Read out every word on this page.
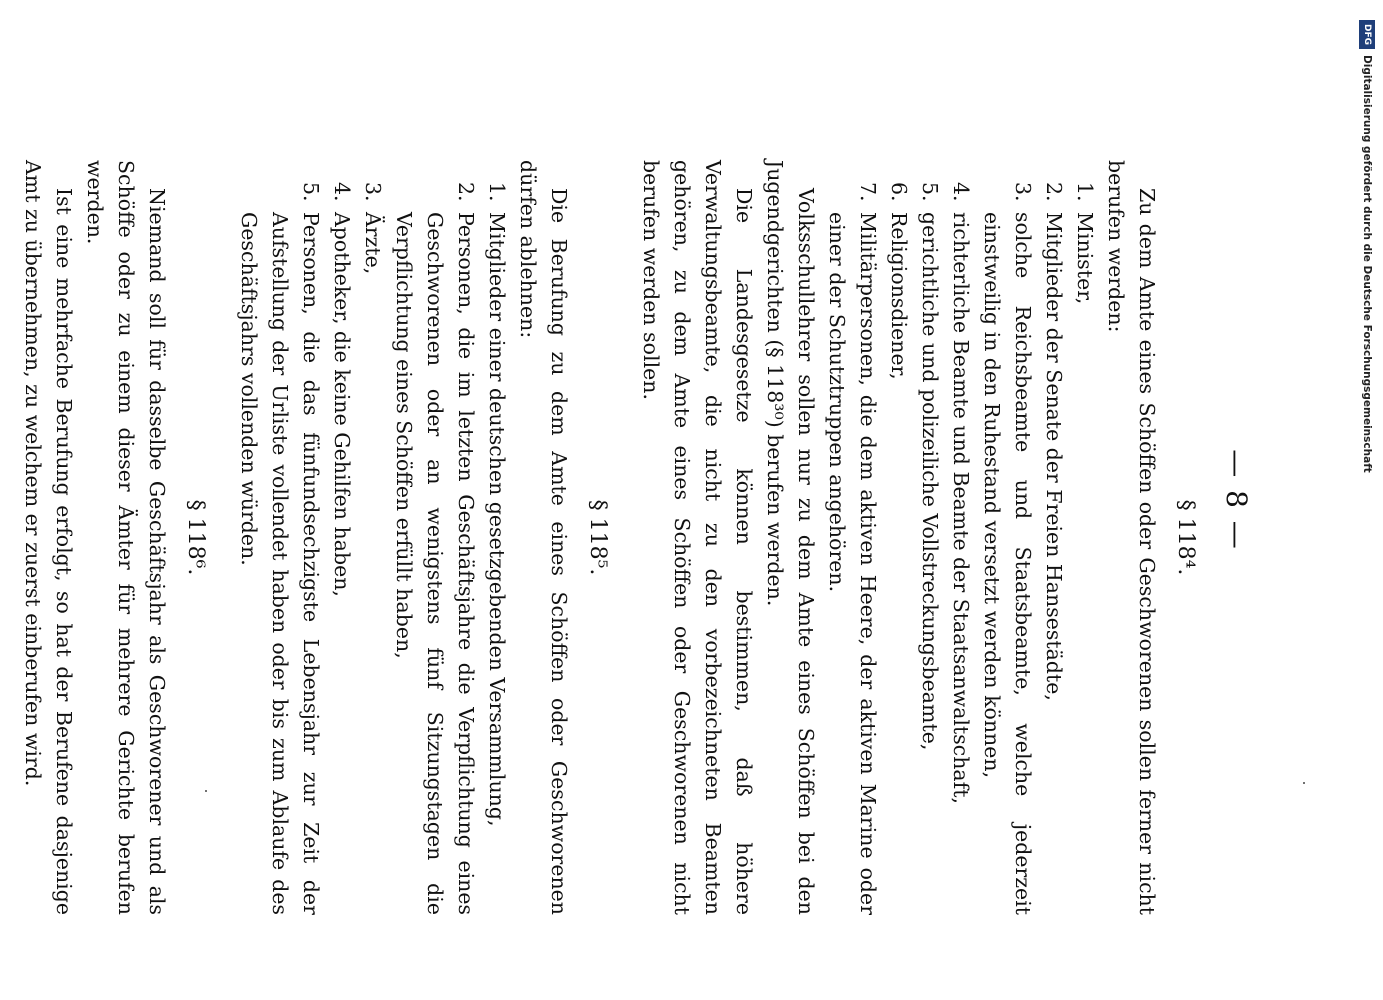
— 8 —
§ 118⁴.

Zu dem Amte eines Schöffen oder Geschworenen sollen ferner nicht berufen werden:

1.
Minister,
2.
Mitglieder der Senate der Freien Hansestädte,
3.
solche Reichsbeamte und Staatsbeamte, welche jederzeit einstweilig in den Ruhestand versetzt werden können,
4.
richterliche Beamte und Beamte der Staatsanwaltschaft,
5.
gerichtliche und polizeiliche Vollstreckungsbeamte,
6.
Religionsdiener,
7.
Militärpersonen, die dem aktiven Heere, der aktiven Marine oder einer der Schutztruppen angehören.

Volksschullehrer sollen nur zu dem Amte eines Schöffen bei den Jugendgerichten (§ 118³⁰) berufen werden.

Die Landesgesetze können bestimmen, daß höhere Verwaltungsbeamte, die nicht zu den vorbezeichneten Beamten gehören, zu dem Amte eines Schöffen oder Geschworenen nicht berufen werden sollen.

§ 118⁵.

Die Berufung zu dem Amte eines Schöffen oder Geschworenen dürfen ablehnen:

1.
Mitglieder einer deutschen gesetzgebenden Versammlung,
2.
Personen, die im letzten Geschäftsjahre die Verpflichtung eines Geschworenen oder an wenigstens fünf Sitzungstagen die Verpflichtung eines Schöffen erfüllt haben,
3.
Ärzte,
4.
Apotheker, die keine Gehilfen haben,
5.
Personen, die das fünfundsechzigste Lebensjahr zur Zeit der Aufstellung der Urliste vollendet haben oder bis zum Ablaufe des Geschäftsjahrs vollenden würden.
§ 118⁶.

Niemand soll für dasselbe Geschäftsjahr als Geschworener und als Schöffe oder zu einem dieser Ämter für mehrere Gerichte berufen werden.

Ist eine mehrfache Berufung erfolgt, so hat der Berufene dasjenige Amt zu übernehmen, zu welchem er zuerst einberufen wird.

DFG
Digitalisierung gefördert durch die Deutsche Forschungsgemeinschaft
